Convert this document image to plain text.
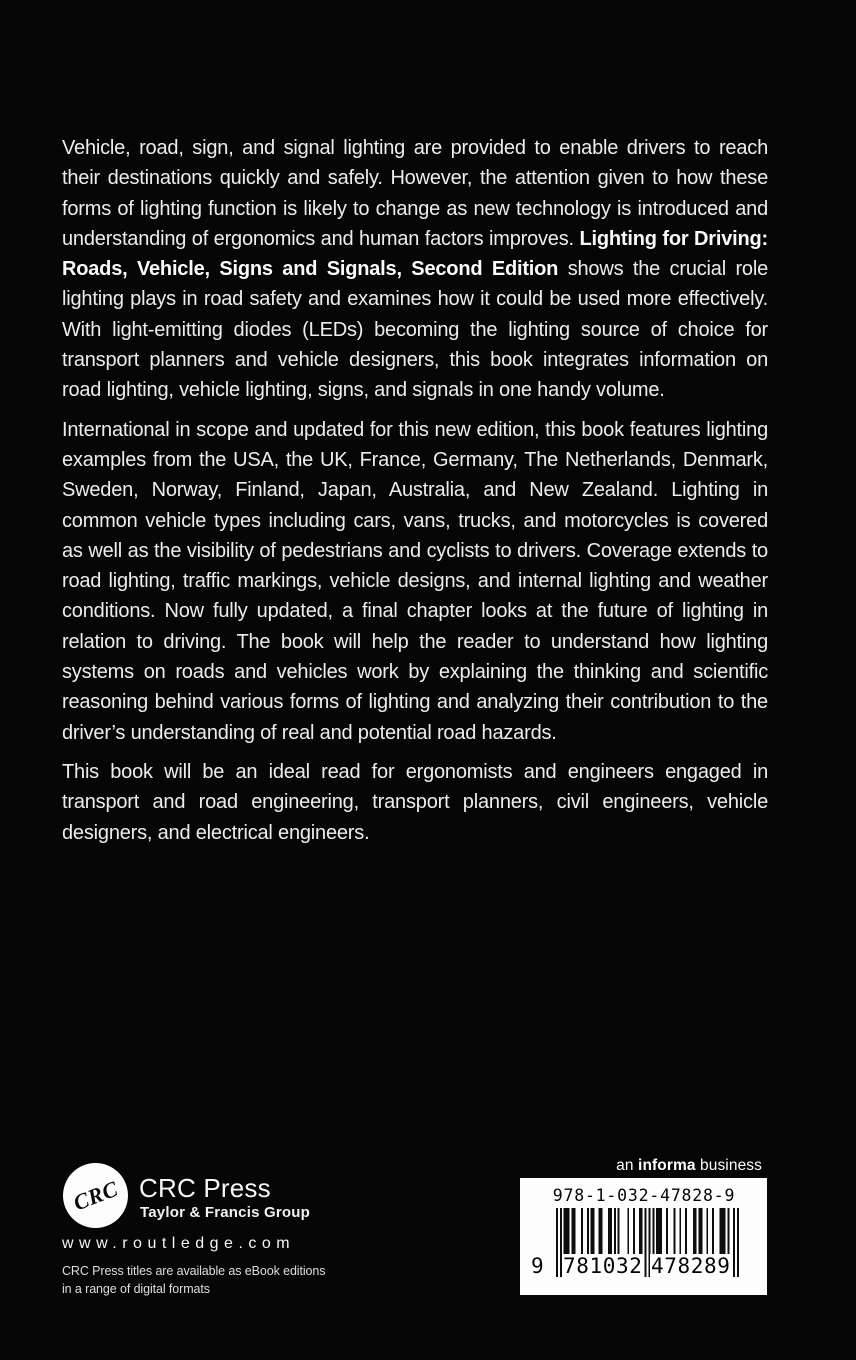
Vehicle, road, sign, and signal lighting are provided to enable drivers to reach their destinations quickly and safely. However, the attention given to how these forms of lighting function is likely to change as new technology is introduced and understanding of ergonomics and human factors improves. Lighting for Driving: Roads, Vehicle, Signs and Signals, Second Edition shows the crucial role lighting plays in road safety and examines how it could be used more effectively. With light-emitting diodes (LEDs) becoming the lighting source of choice for transport planners and vehicle designers, this book integrates information on road lighting, vehicle lighting, signs, and signals in one handy volume.

International in scope and updated for this new edition, this book features lighting examples from the USA, the UK, France, Germany, The Netherlands, Denmark, Sweden, Norway, Finland, Japan, Australia, and New Zealand. Lighting in common vehicle types including cars, vans, trucks, and motorcycles is covered as well as the visibility of pedestrians and cyclists to drivers. Coverage extends to road lighting, traffic markings, vehicle designs, and internal lighting and weather conditions. Now fully updated, a final chapter looks at the future of lighting in relation to driving. The book will help the reader to understand how lighting systems on roads and vehicles work by explaining the thinking and scientific reasoning behind various forms of lighting and analyzing their contribution to the driver’s understanding of real and potential road hazards.

This book will be an ideal read for ergonomists and engineers engaged in transport and road engineering, transport planners, civil engineers, vehicle designers, and electrical engineers.

CRC CRC Press
Taylor & Francis Group
www.routledge.com
CRC Press titles are available as eBook editions
in a range of digital formats
an informa business
978-1-032-47828-9
9 781032 478289
